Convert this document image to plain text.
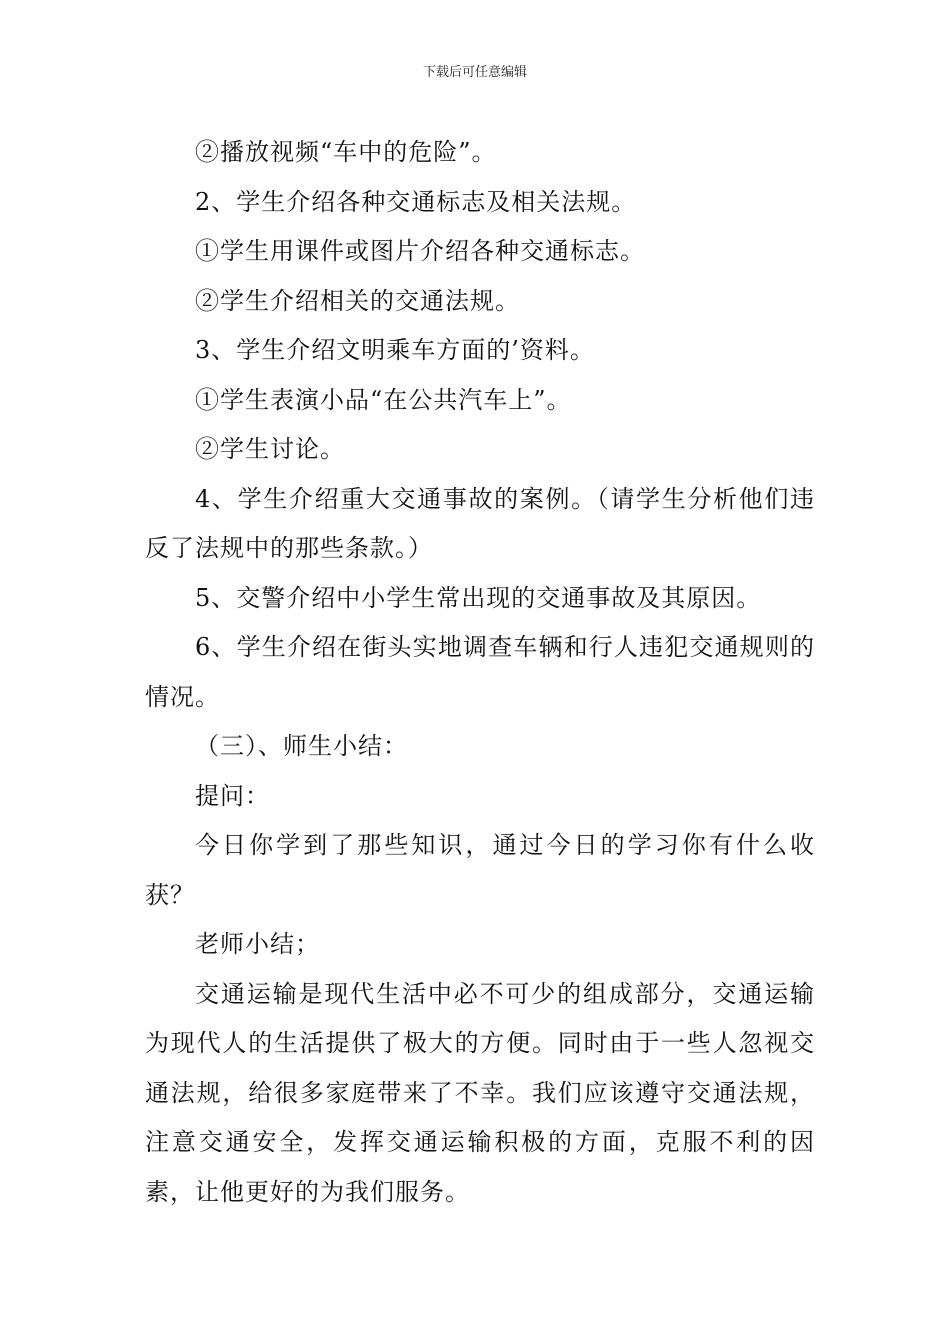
下载后可任意编辑

②播放视频“车中的危险”。

2、学生介绍各种交通标志及相关法规。

①学生用课件或图片介绍各种交通标志。

②学生介绍相关的交通法规。

3、学生介绍文明乘车方面的’资料。

①学生表演小品“在公共汽车上”。

②学生讨论。

4、学生介绍重大交通事故的案例。（请学生分析他们违反了法规中的那些条款。）

5、交警介绍中小学生常出现的交通事故及其原因。

6、学生介绍在街头实地调查车辆和行人违犯交通规则的情况。

（三）、师生小结：

提问：

今日你学到了那些知识，通过今日的学习你有什么收获？

老师小结；

交通运输是现代生活中必不可少的组成部分，交通运输为现代人的生活提供了极大的方便。同时由于一些人忽视交通法规，给很多家庭带来了不幸。我们应该遵守交通法规，注意交通安全，发挥交通运输积极的方面，克服不利的因素，让他更好的为我们服务。
